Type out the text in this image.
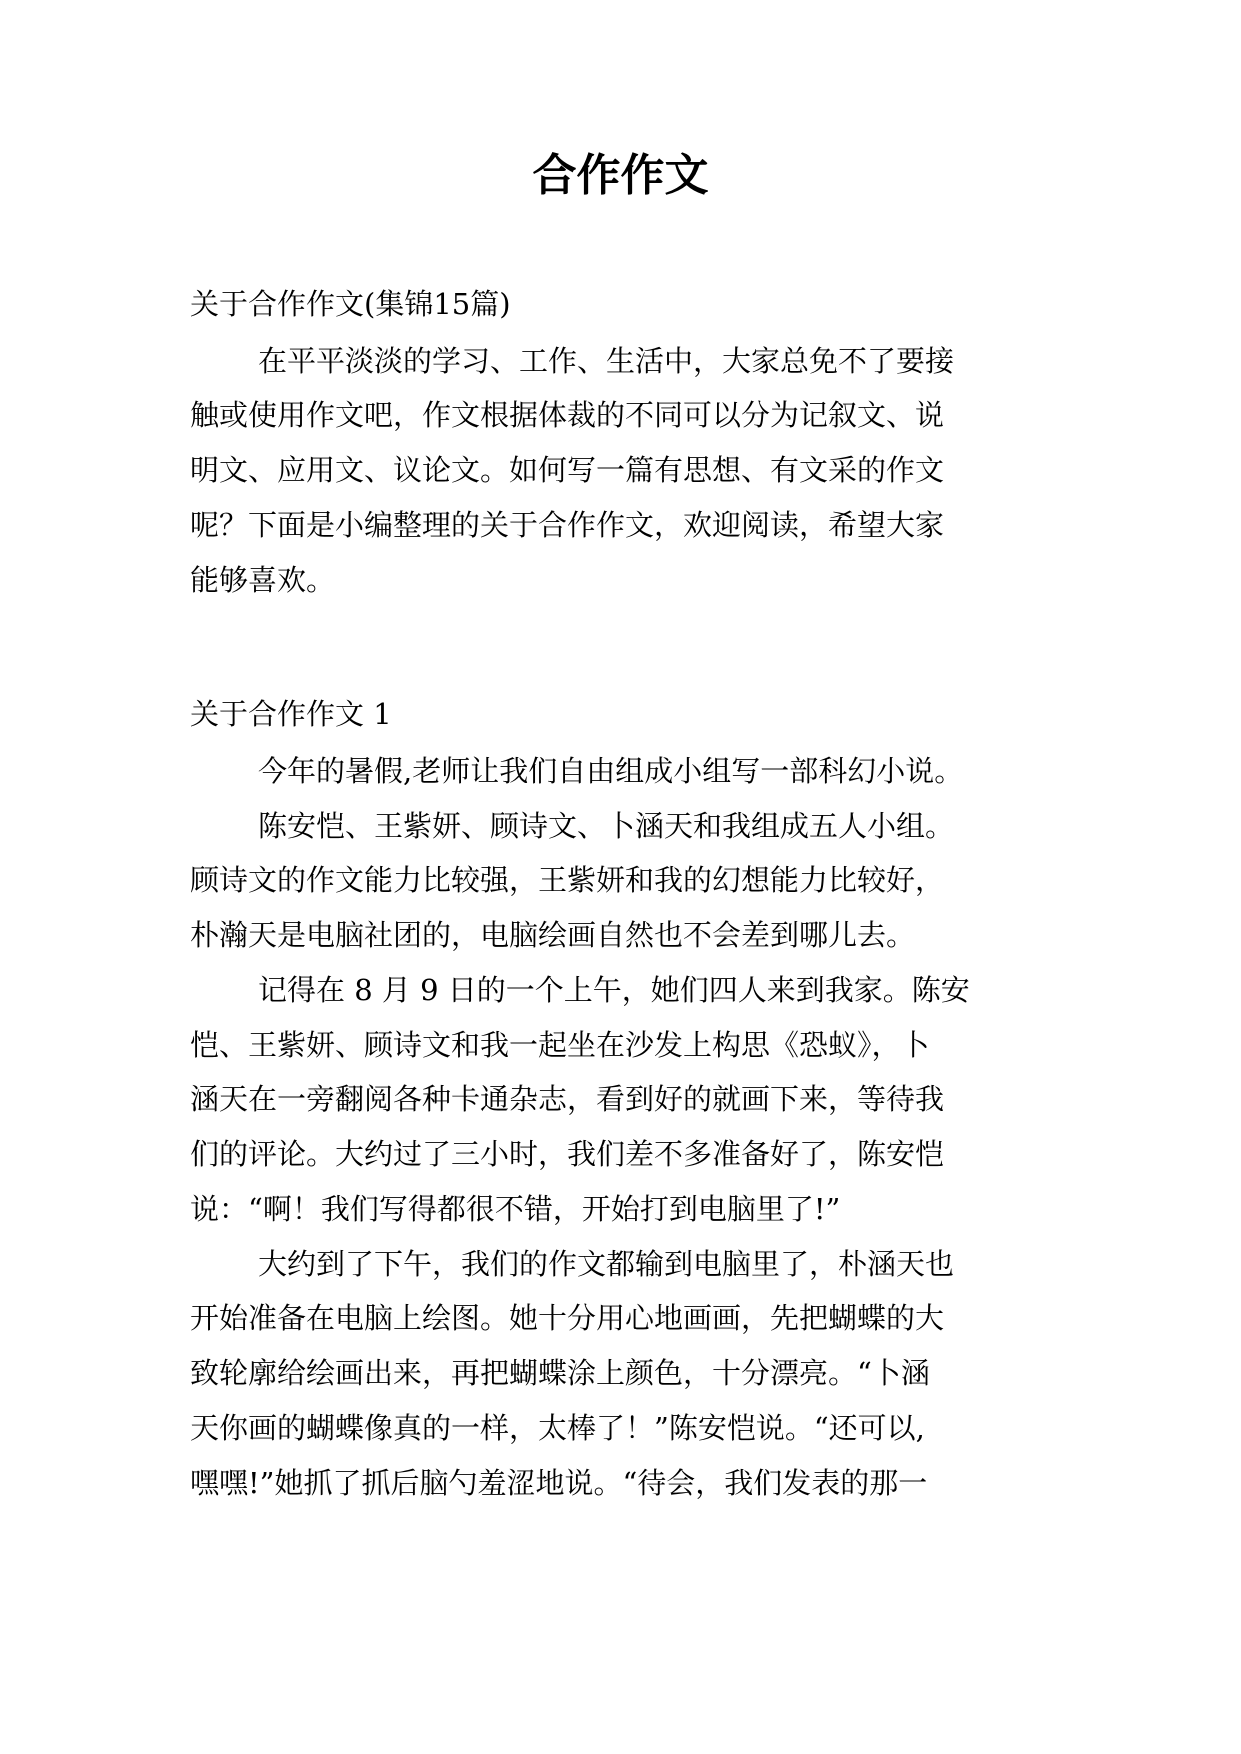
合作作文
关于合作作文(集锦15篇)
在平平淡淡的学习、工作、生活中，大家总免不了要接
触或使用作文吧，作文根据体裁的不同可以分为记叙文、说
明文、应用文、议论文。如何写一篇有思想、有文采的作文
呢？下面是小编整理的关于合作作文，欢迎阅读，希望大家
能够喜欢。
关于合作作文 1
今年的暑假,老师让我们自由组成小组写一部科幻小说。
陈安恺、王紫妍、顾诗文、卜涵天和我组成五人小组。
顾诗文的作文能力比较强，王紫妍和我的幻想能力比较好，
朴瀚天是电脑社团的，电脑绘画自然也不会差到哪儿去。
记得在 8 月 9 日的一个上午，她们四人来到我家。陈安
恺、王紫妍、顾诗文和我一起坐在沙发上构思《恐蚁》，卜
涵天在一旁翻阅各种卡通杂志，看到好的就画下来，等待我
们的评论。大约过了三小时，我们差不多准备好了，陈安恺
说：“啊！我们写得都很不错，开始打到电脑里了!”
大约到了下午，我们的作文都输到电脑里了，朴涵天也
开始准备在电脑上绘图。她十分用心地画画，先把蝴蝶的大
致轮廓给绘画出来，再把蝴蝶涂上颜色，十分漂亮。“卜涵
天你画的蝴蝶像真的一样，太棒了！”陈安恺说。“还可以,
嘿嘿!”她抓了抓后脑勺羞涩地说。“待会，我们发表的那一
